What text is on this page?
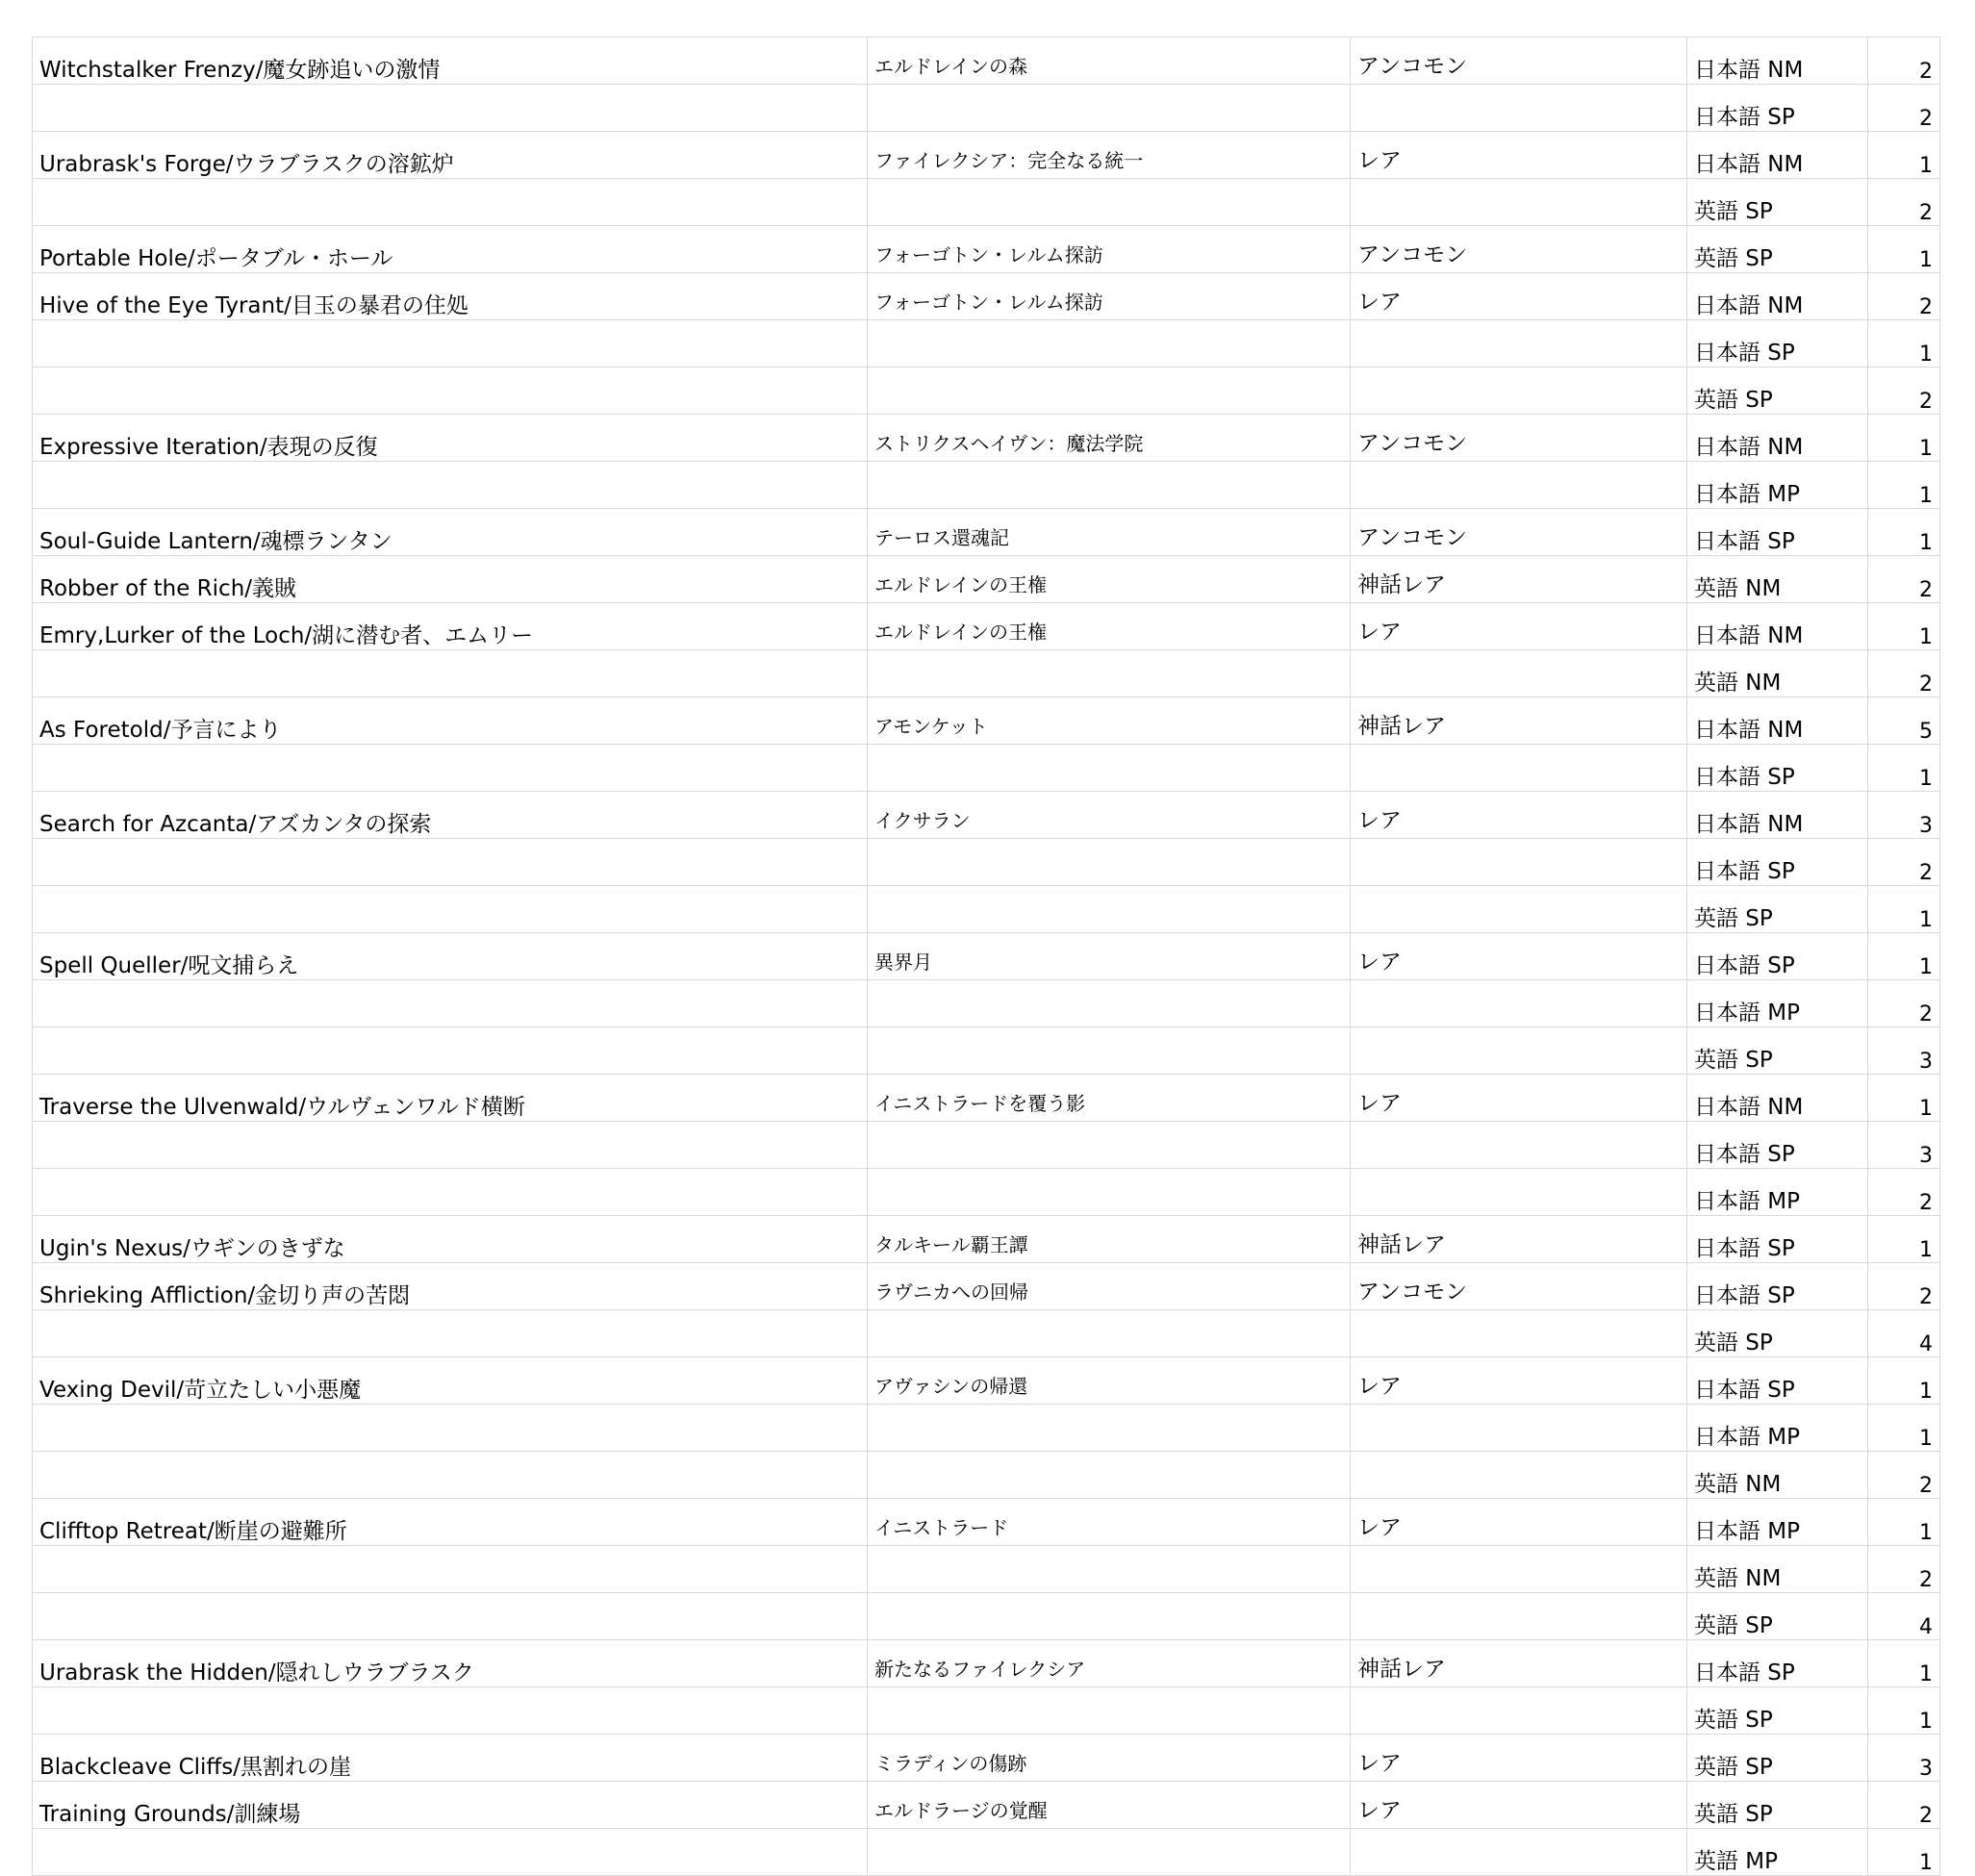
Witchstalker Frenzy/魔女跡追いの激情	エルドレインの森	アンコモン	日本語 NM	2
			日本語 SP	2
Urabrask's Forge/ウラブラスクの溶鉱炉	ファイレクシア：完全なる統一	レア	日本語 NM	1
			英語 SP	2
Portable Hole/ポータブル・ホール	フォーゴトン・レルム探訪	アンコモン	英語 SP	1
Hive of the Eye Tyrant/目玉の暴君の住処	フォーゴトン・レルム探訪	レア	日本語 NM	2
			日本語 SP	1
			英語 SP	2
Expressive Iteration/表現の反復	ストリクスヘイヴン：魔法学院	アンコモン	日本語 NM	1
			日本語 MP	1
Soul-Guide Lantern/魂標ランタン	テーロス還魂記	アンコモン	日本語 SP	1
Robber of the Rich/義賊	エルドレインの王権	神話レア	英語 NM	2
Emry,Lurker of the Loch/湖に潜む者、エムリー	エルドレインの王権	レア	日本語 NM	1
			英語 NM	2
As Foretold/予言により	アモンケット	神話レア	日本語 NM	5
			日本語 SP	1
Search for Azcanta/アズカンタの探索	イクサラン	レア	日本語 NM	3
			日本語 SP	2
			英語 SP	1
Spell Queller/呪文捕らえ	異界月	レア	日本語 SP	1
			日本語 MP	2
			英語 SP	3
Traverse the Ulvenwald/ウルヴェンワルド横断	イニストラードを覆う影	レア	日本語 NM	1
			日本語 SP	3
			日本語 MP	2
Ugin's Nexus/ウギンのきずな	タルキール覇王譚	神話レア	日本語 SP	1
Shrieking Affliction/金切り声の苦悶	ラヴニカへの回帰	アンコモン	日本語 SP	2
			英語 SP	4
Vexing Devil/苛立たしい小悪魔	アヴァシンの帰還	レア	日本語 SP	1
			日本語 MP	1
			英語 NM	2
Clifftop Retreat/断崖の避難所	イニストラード	レア	日本語 MP	1
			英語 NM	2
			英語 SP	4
Urabrask the Hidden/隠れしウラブラスク	新たなるファイレクシア	神話レア	日本語 SP	1
			英語 SP	1
Blackcleave Cliffs/黒割れの崖	ミラディンの傷跡	レア	英語 SP	3
Training Grounds/訓練場	エルドラージの覚醒	レア	英語 SP	2
			英語 MP	1
